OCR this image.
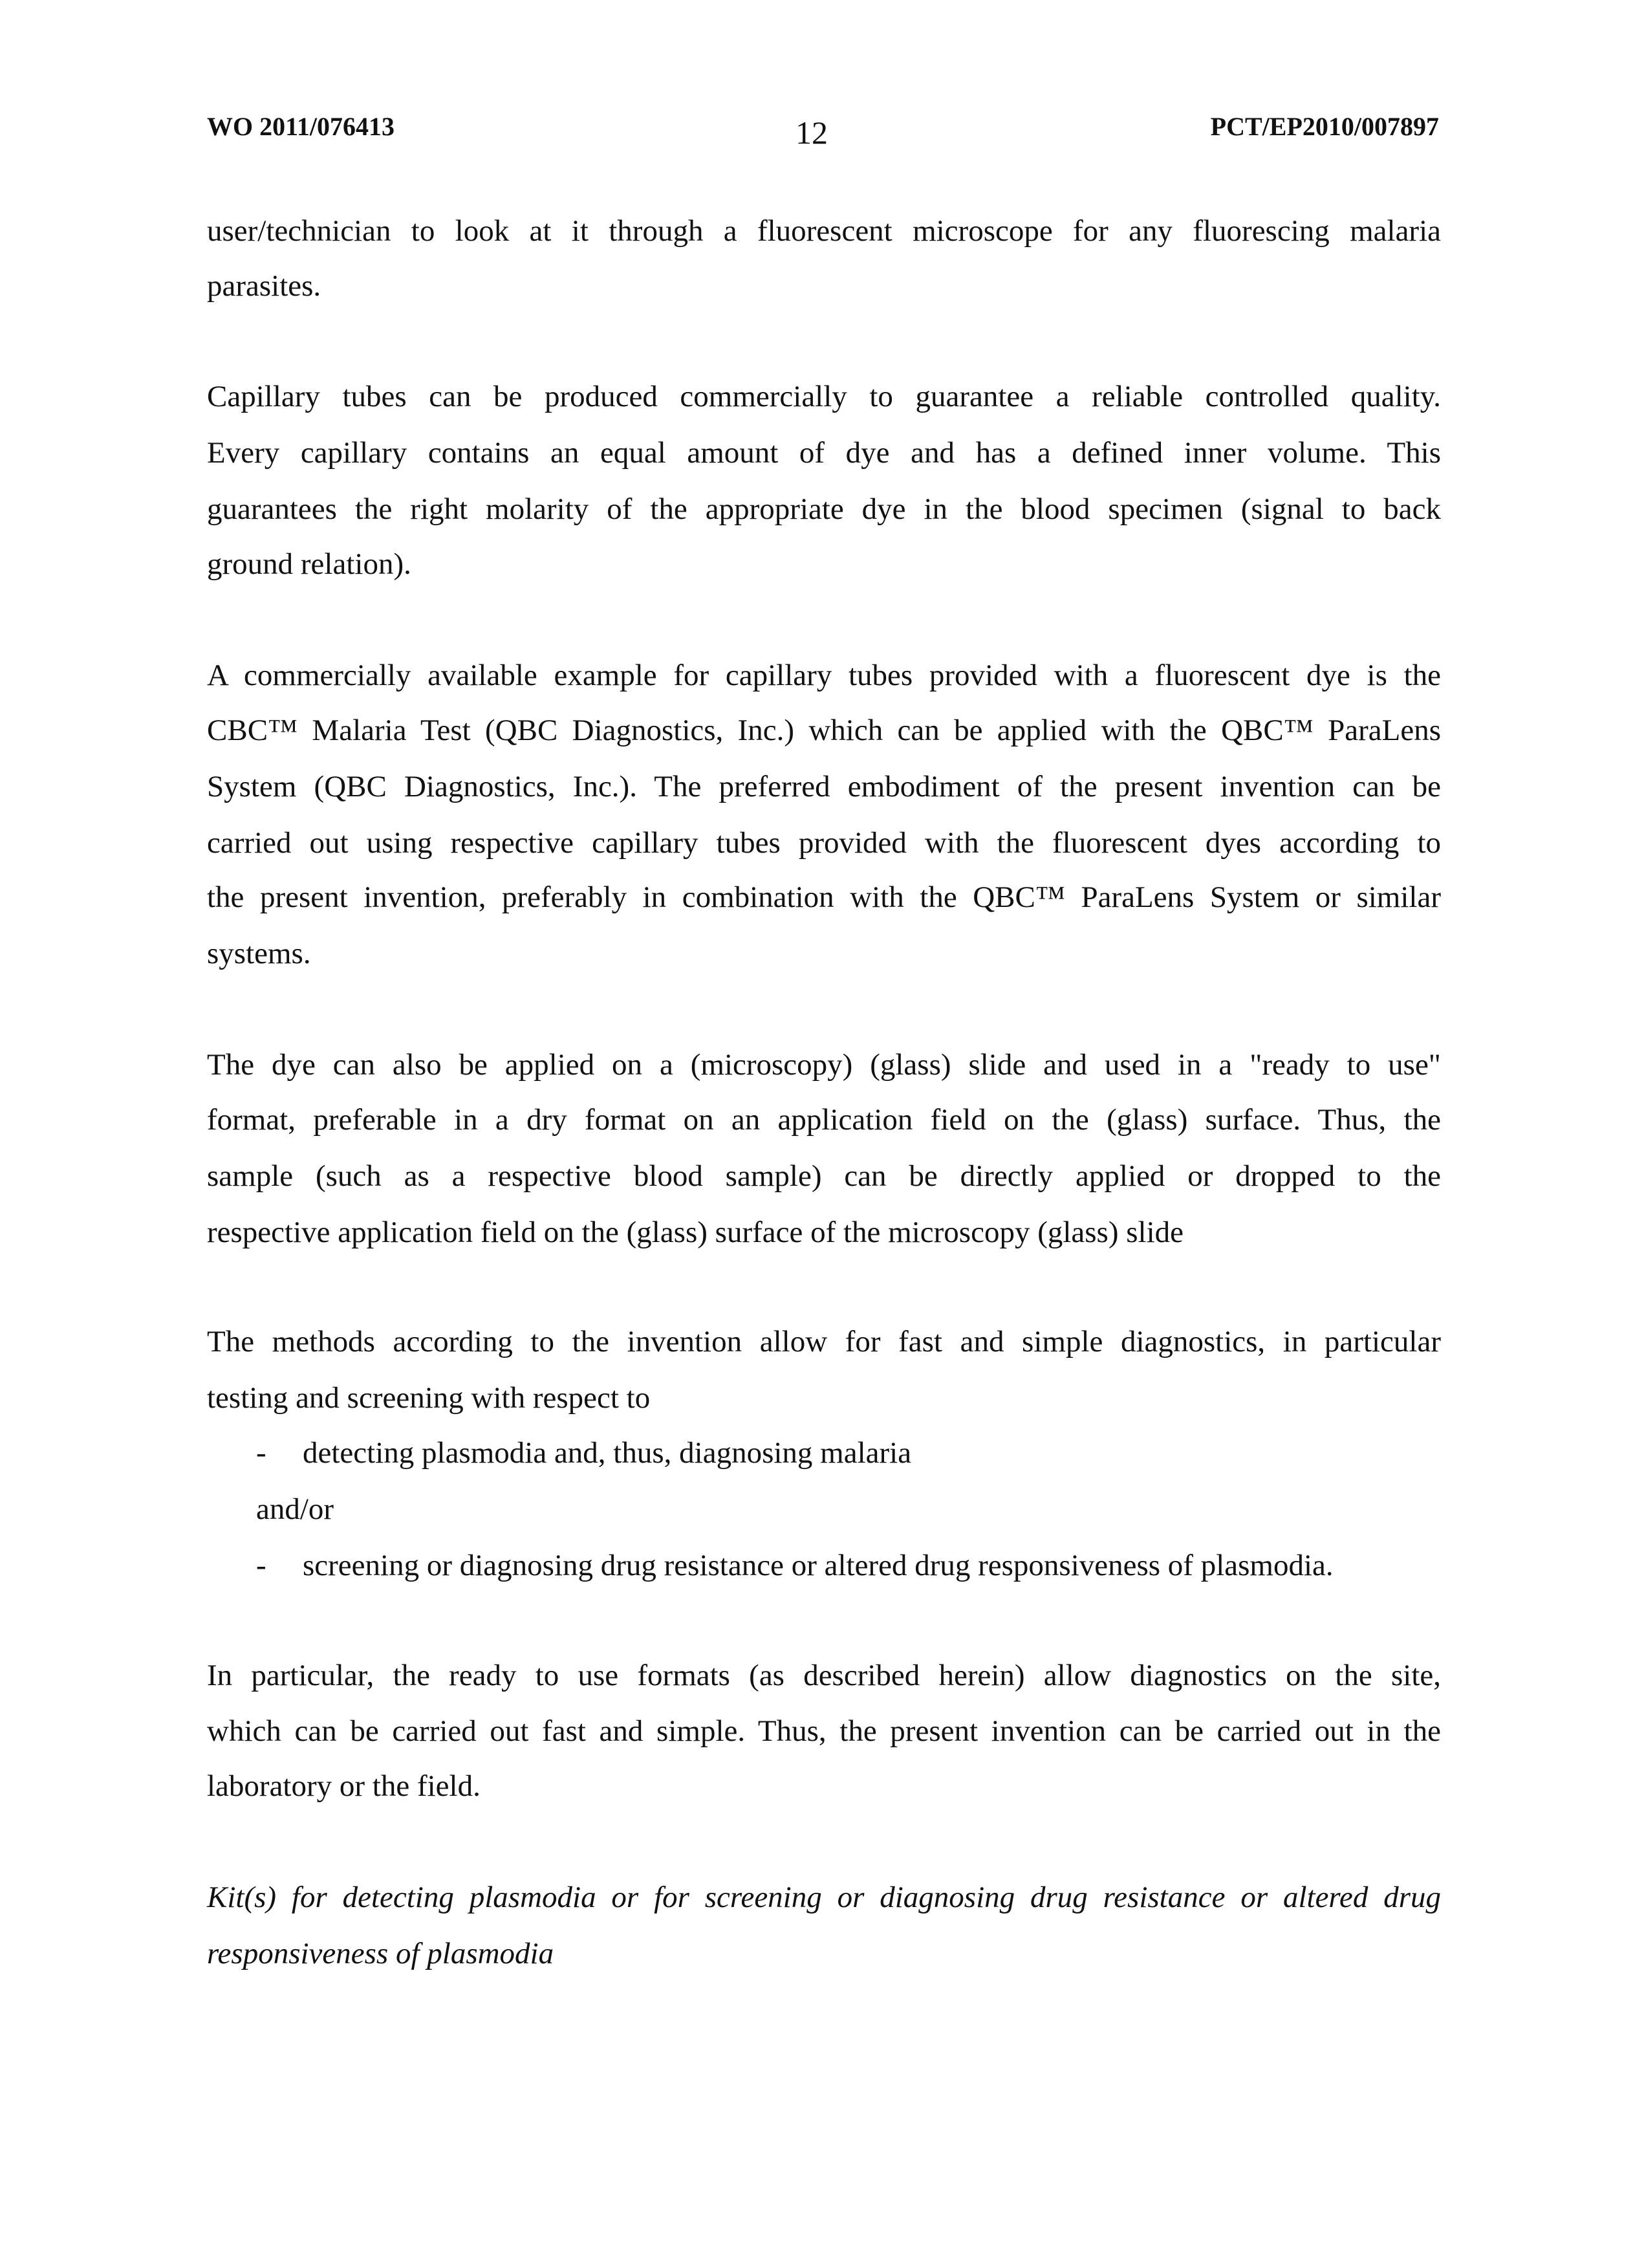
WO 2011/076413	12	PCT/EP2010/007897
user/technician to look at it through a fluorescent microscope for any fluorescing malaria
parasites.
Capillary tubes can be produced commercially to guarantee a reliable controlled quality.
Every capillary contains an equal amount of dye and has a defined inner volume. This
guarantees the right molarity of the appropriate dye in the blood specimen (signal to back
ground relation).
A commercially available example for capillary tubes provided with a fluorescent dye is the
CBC™ Malaria Test (QBC Diagnostics, Inc.) which can be applied with the QBC™ ParaLens
System (QBC Diagnostics, Inc.). The preferred embodiment of the present invention can be
carried out using respective capillary tubes provided with the fluorescent dyes according to
the present invention, preferably in combination with the QBC™ ParaLens System or similar
systems.
The dye can also be applied on a (microscopy) (glass) slide and used in a "ready to use"
format, preferable in a dry format on an application field on the (glass) surface. Thus, the
sample (such as a respective blood sample) can be directly applied or dropped to the
respective application field on the (glass) surface of the microscopy (glass) slide
The methods according to the invention allow for fast and simple diagnostics, in particular
testing and screening with respect to
- detecting plasmodia and, thus, diagnosing malaria
and/or
- screening or diagnosing drug resistance or altered drug responsiveness of plasmodia.
In particular, the ready to use formats (as described herein) allow diagnostics on the site,
which can be carried out fast and simple. Thus, the present invention can be carried out in the
laboratory or the field.
Kit(s) for detecting plasmodia or for screening or diagnosing drug resistance or altered drug
responsiveness of plasmodia
